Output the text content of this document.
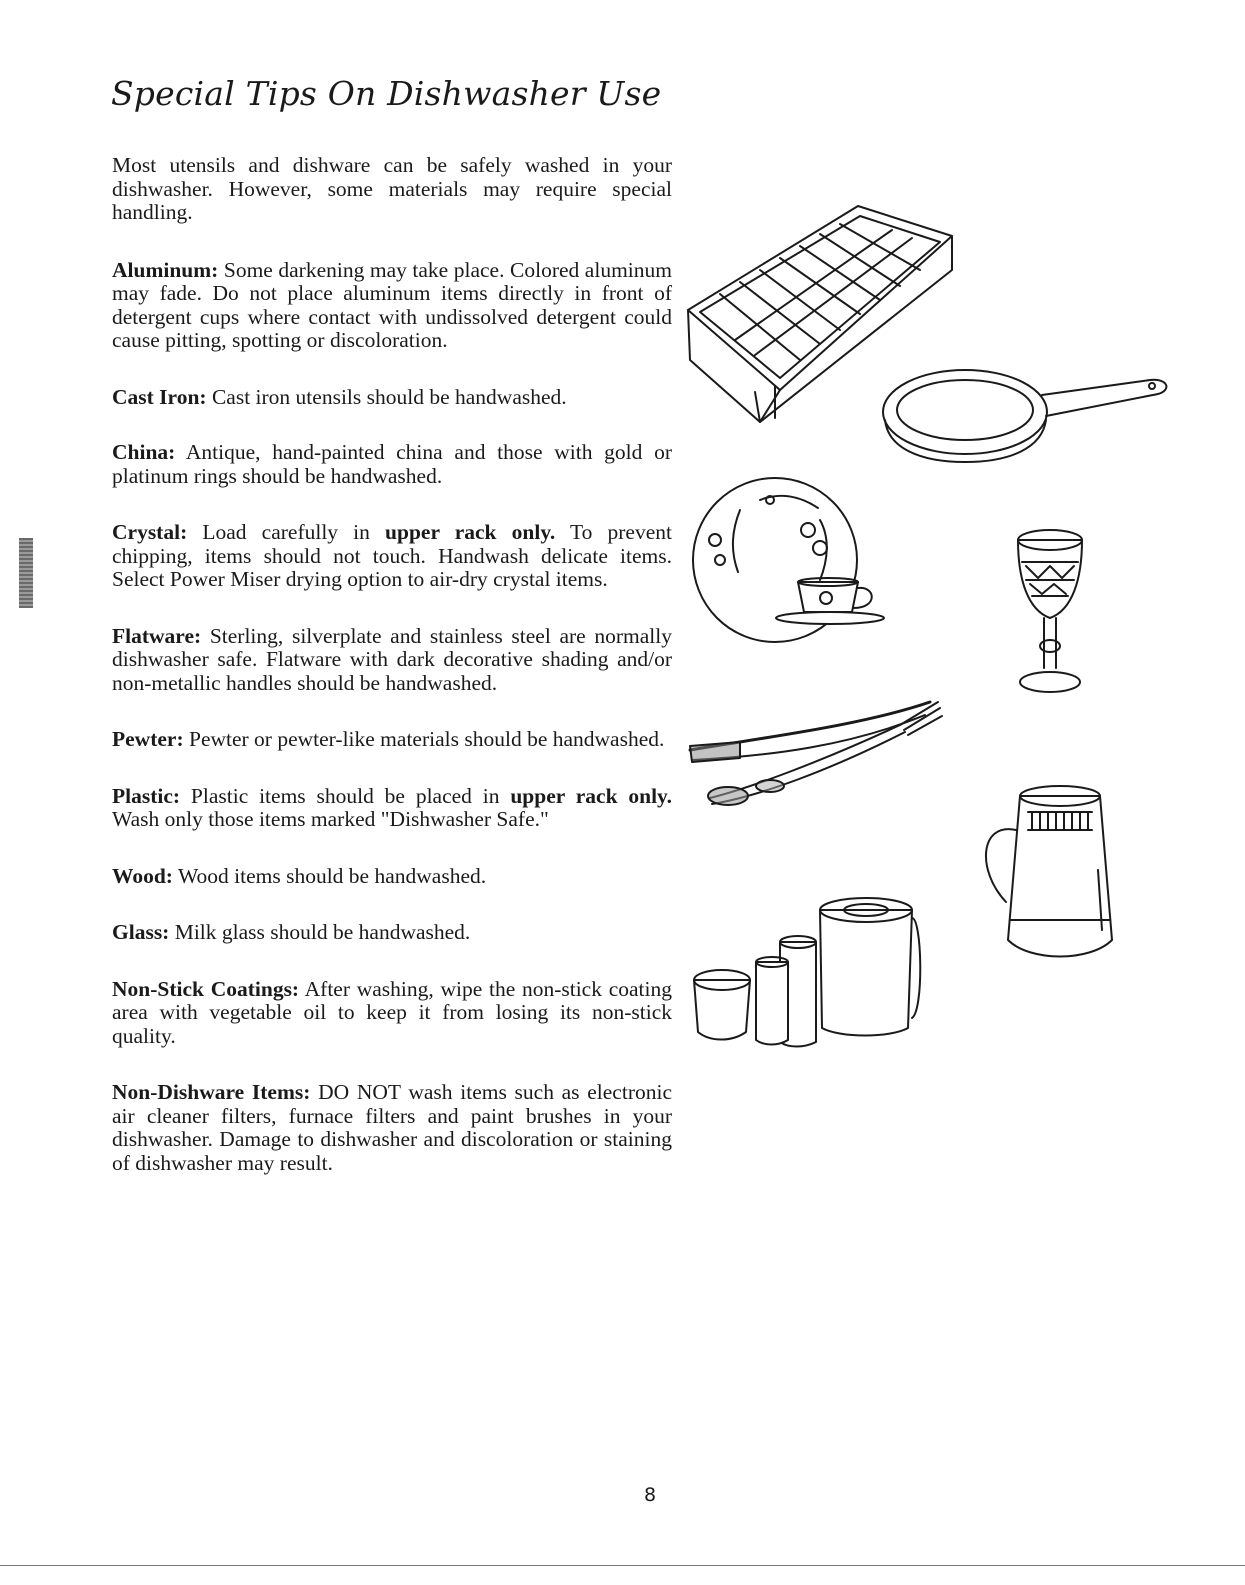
Special Tips On Dishwasher Use

Most utensils and dishware can be safely washed in your dishwasher. However, some materials may require special handling.

Aluminum: Some darkening may take place. Colored aluminum may fade. Do not place aluminum items directly in front of detergent cups where contact with undissolved detergent could cause pitting, spotting or discoloration.

Cast Iron: Cast iron utensils should be handwashed.

China: Antique, hand-painted china and those with gold or platinum rings should be handwashed.

Crystal: Load carefully in upper rack only. To prevent chipping, items should not touch. Handwash delicate items. Select Power Miser drying option to air-dry crystal items.

Flatware: Sterling, silverplate and stainless steel are normally dishwasher safe. Flatware with dark decorative shading and/or non-metallic handles should be handwashed.

Pewter: Pewter or pewter-like materials should be handwashed.

Plastic: Plastic items should be placed in upper rack only. Wash only those items marked "Dishwasher Safe."

Wood: Wood items should be handwashed.

Glass: Milk glass should be handwashed.

Non-Stick Coatings: After washing, wipe the non-stick coating area with vegetable oil to keep it from losing its non-stick quality.

Non-Dishware Items: DO NOT wash items such as electronic air cleaner filters, furnace filters and paint brushes in your dishwasher. Damage to dishwasher and discoloration or staining of dishwasher may result.

8
